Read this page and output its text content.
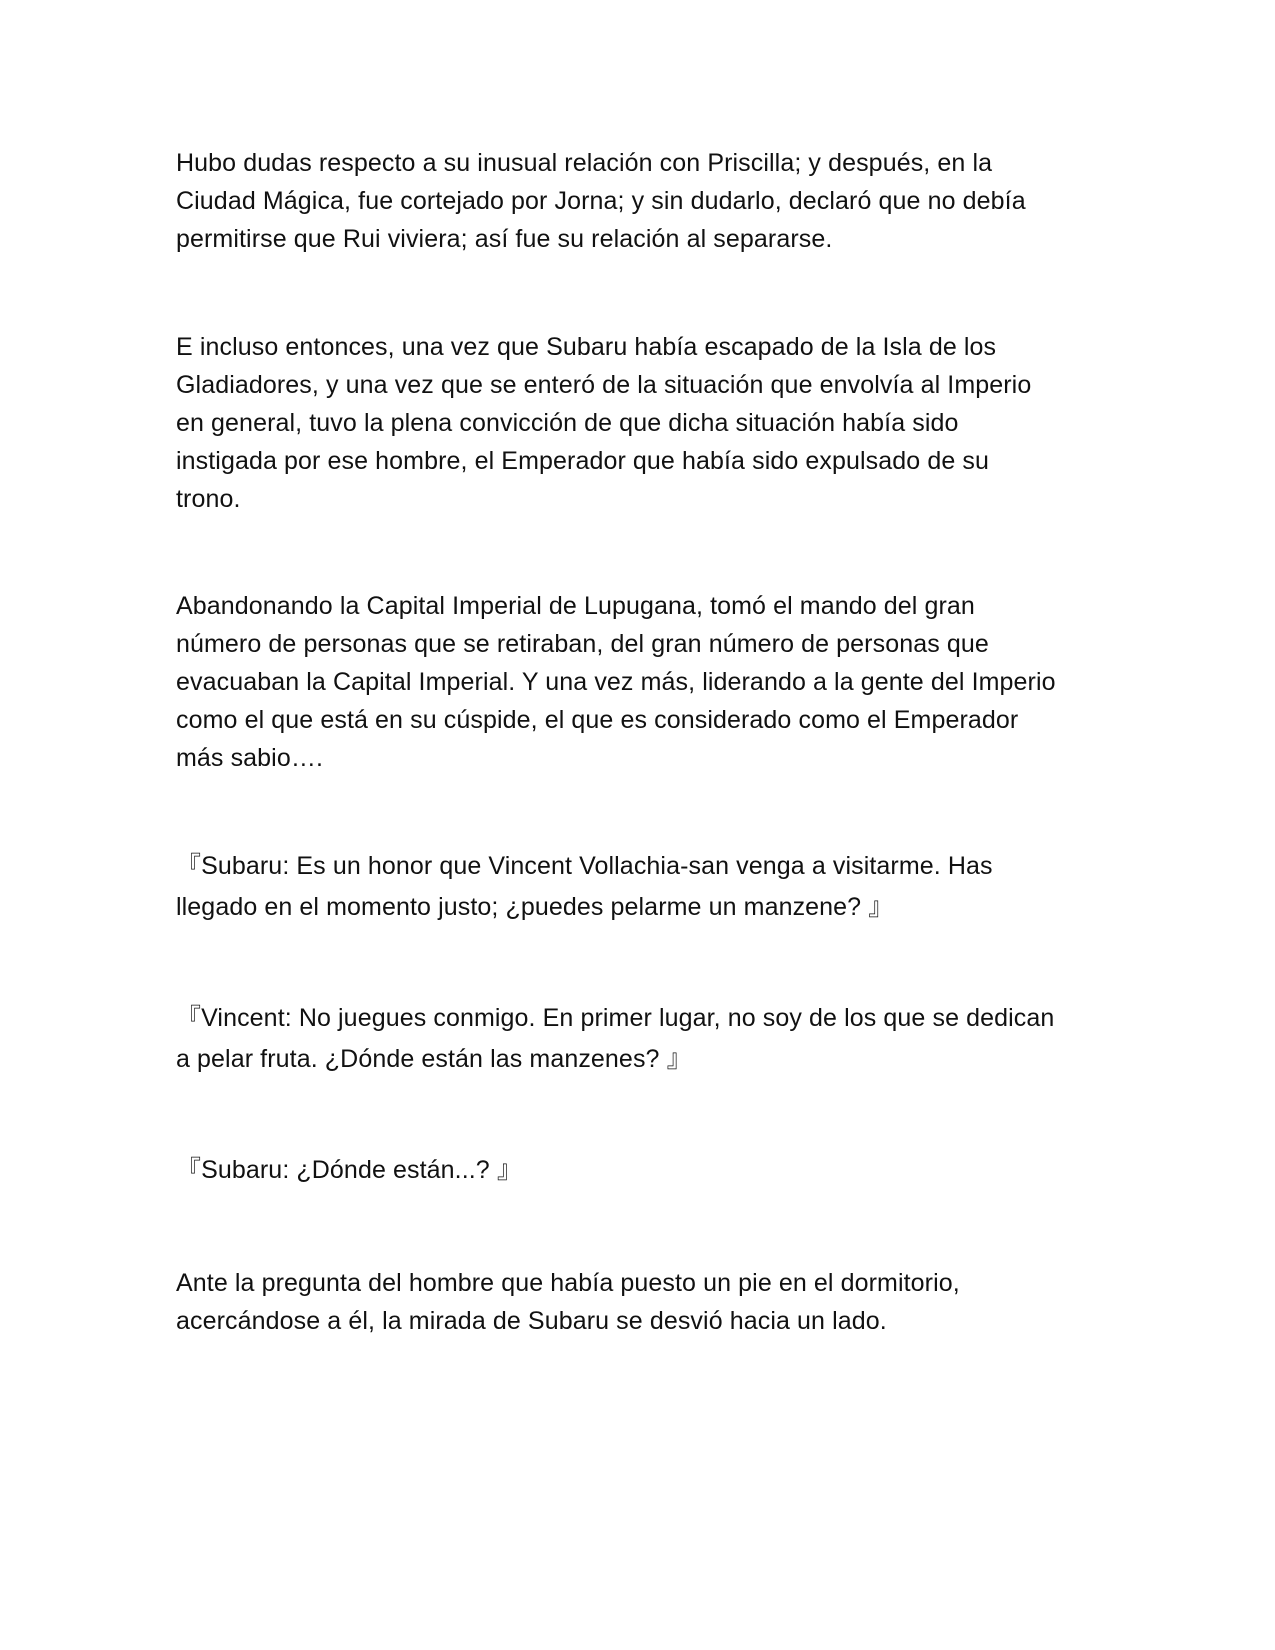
Hubo dudas respecto a su inusual relación con Priscilla; y después, en la
Ciudad Mágica, fue cortejado por Jorna; y sin dudarlo, declaró que no debía
permitirse que Rui viviera; así fue su relación al separarse.

E incluso entonces, una vez que Subaru había escapado de la Isla de los
Gladiadores, y una vez que se enteró de la situación que envolvía al Imperio
en general, tuvo la plena convicción de que dicha situación había sido
instigada por ese hombre, el Emperador que había sido expulsado de su
trono.

Abandonando la Capital Imperial de Lupugana, tomó el mando del gran
número de personas que se retiraban, del gran número de personas que
evacuaban la Capital Imperial. Y una vez más, liderando a la gente del Imperio
como el que está en su cúspide, el que es considerado como el Emperador
más sabio….

『Subaru: Es un honor que Vincent Vollachia-san venga a visitarme. Has
llegado en el momento justo; ¿puedes pelarme un manzene? 』

『Vincent: No juegues conmigo. En primer lugar, no soy de los que se dedican
a pelar fruta. ¿Dónde están las manzenes? 』

『Subaru: ¿Dónde están...? 』

Ante la pregunta del hombre que había puesto un pie en el dormitorio,
acercándose a él, la mirada de Subaru se desvió hacia un lado.
